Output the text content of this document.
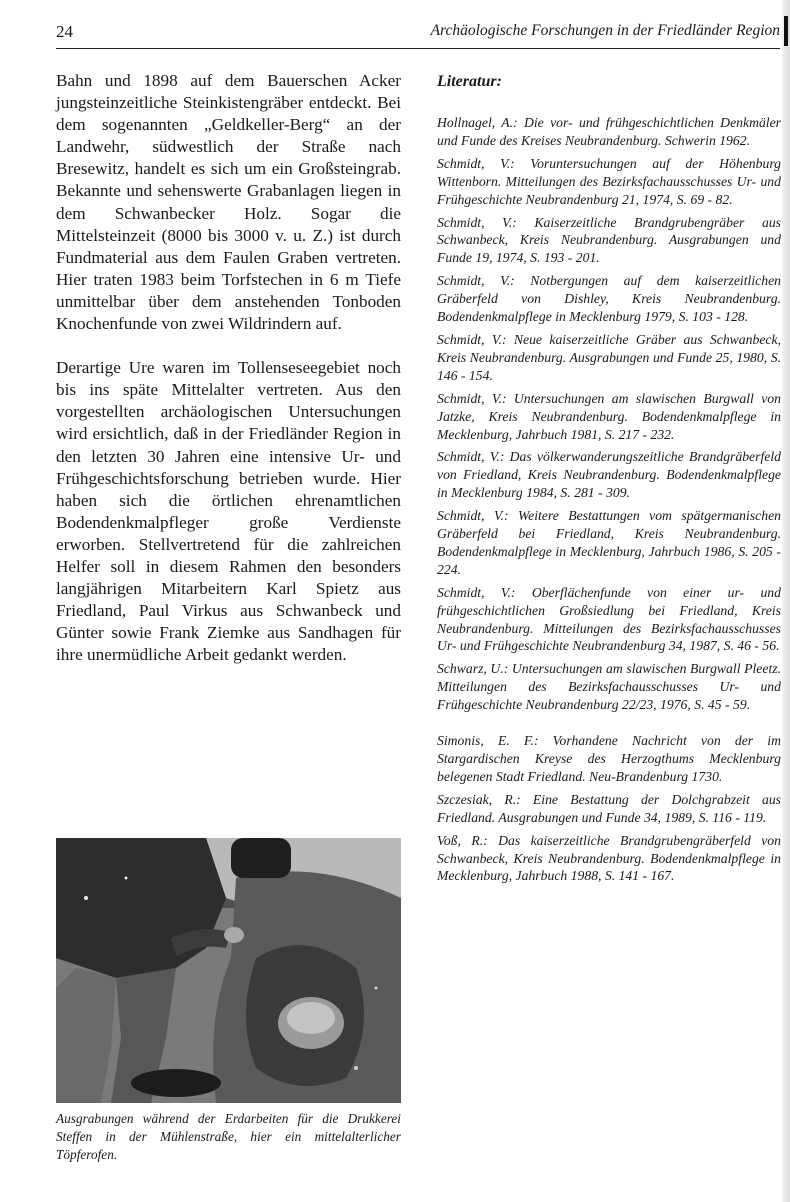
24	Archäologische Forschungen in der Friedländer Region

Bahn und 1898 auf dem Bauerschen Acker jungsteinzeitliche Steinkistengräber entdeckt. Bei dem sogenannten „Geldkeller-Berg“ an der Landwehr, südwestlich der Straße nach Bresewitz, handelt es sich um ein Großsteingrab. Bekannte und sehenswerte Grabanlagen liegen in dem Schwanbecker Holz. Sogar die Mittelsteinzeit (8000 bis 3000 v. u. Z.) ist durch Fundmaterial aus dem Faulen Graben vertreten. Hier traten 1983 beim Torfstechen in 6 m Tiefe unmittelbar über dem anstehenden Tonboden Knochenfunde von zwei Wildrindern auf.

Derartige Ure waren im Tollenseseegebiet noch bis ins späte Mittelalter vertreten. Aus den vorgestellten archäologischen Untersuchungen wird ersichtlich, daß in der Friedländer Region in den letzten 30 Jahren eine intensive Ur- und Frühgeschichtsforschung betrieben wurde. Hier haben sich die örtlichen ehrenamtlichen Bodendenkmalpfleger große Verdienste erworben. Stellvertretend für die zahlreichen Helfer soll in diesem Rahmen den besonders langjährigen Mitarbeitern Karl Spietz aus Friedland, Paul Virkus aus Schwanbeck und Günter sowie Frank Ziemke aus Sandhagen für ihre unermüdliche Arbeit gedankt werden.

Ausgrabungen während der Erdarbeiten für die Drukkerei Steffen in der Mühlenstraße, hier ein mittelalterlicher Töpferofen.

Literatur:
Hollnagel, A.: Die vor- und frühgeschichtlichen Denkmäler und Funde des Kreises Neubrandenburg. Schwerin 1962.
Schmidt, V.: Voruntersuchungen auf der Höhenburg Wittenborn. Mitteilungen des Bezirksfachausschusses Ur- und Frühgeschichte Neubrandenburg 21, 1974, S. 69 - 82.
Schmidt, V.: Kaiserzeitliche Brandgrubengräber aus Schwanbeck, Kreis Neubrandenburg. Ausgrabungen und Funde 19, 1974, S. 193 - 201.
Schmidt, V.: Notbergungen auf dem kaiserzeitlichen Gräberfeld von Dishley, Kreis Neubrandenburg. Bodendenkmalpflege in Mecklenburg 1979, S. 103 - 128.
Schmidt, V.: Neue kaiserzeitliche Gräber aus Schwanbeck, Kreis Neubrandenburg. Ausgrabungen und Funde 25, 1980, S. 146 - 154.
Schmidt, V.: Untersuchungen am slawischen Burgwall von Jatzke, Kreis Neubrandenburg. Bodendenkmalpflege in Mecklenburg, Jahrbuch 1981, S. 217 - 232.
Schmidt, V.: Das völkerwanderungszeitliche Brandgräberfeld von Friedland, Kreis Neubrandenburg. Bodendenkmalpflege in Mecklenburg 1984, S. 281 - 309.
Schmidt, V.: Weitere Bestattungen vom spätgermanischen Gräberfeld bei Friedland, Kreis Neubrandenburg. Bodendenkmalpflege in Mecklenburg, Jahrbuch 1986, S. 205 - 224.
Schmidt, V.: Oberflächenfunde von einer ur- und frühgeschichtlichen Großsiedlung bei Friedland, Kreis Neubrandenburg. Mitteilungen des Bezirksfachausschusses Ur- und Frühgeschichte Neubrandenburg 34, 1987, S. 46 - 56.
Schwarz, U.: Untersuchungen am slawischen Burgwall Pleetz. Mitteilungen des Bezirksfachausschusses Ur- und Frühgeschichte Neubrandenburg 22/23, 1976, S. 45 - 59.
Simonis, E. F.: Vorhandene Nachricht von der im Stargardischen Kreyse des Herzogthums Mecklenburg belegenen Stadt Friedland. Neu-Brandenburg 1730.
Szczesiak, R.: Eine Bestattung der Dolchgrabzeit aus Friedland. Ausgrabungen und Funde 34, 1989, S. 116 - 119.
Voß, R.: Das kaiserzeitliche Brandgrubengräberfeld von Schwanbeck, Kreis Neubrandenburg. Bodendenkmalpflege in Mecklenburg, Jahrbuch 1988, S. 141 - 167.
